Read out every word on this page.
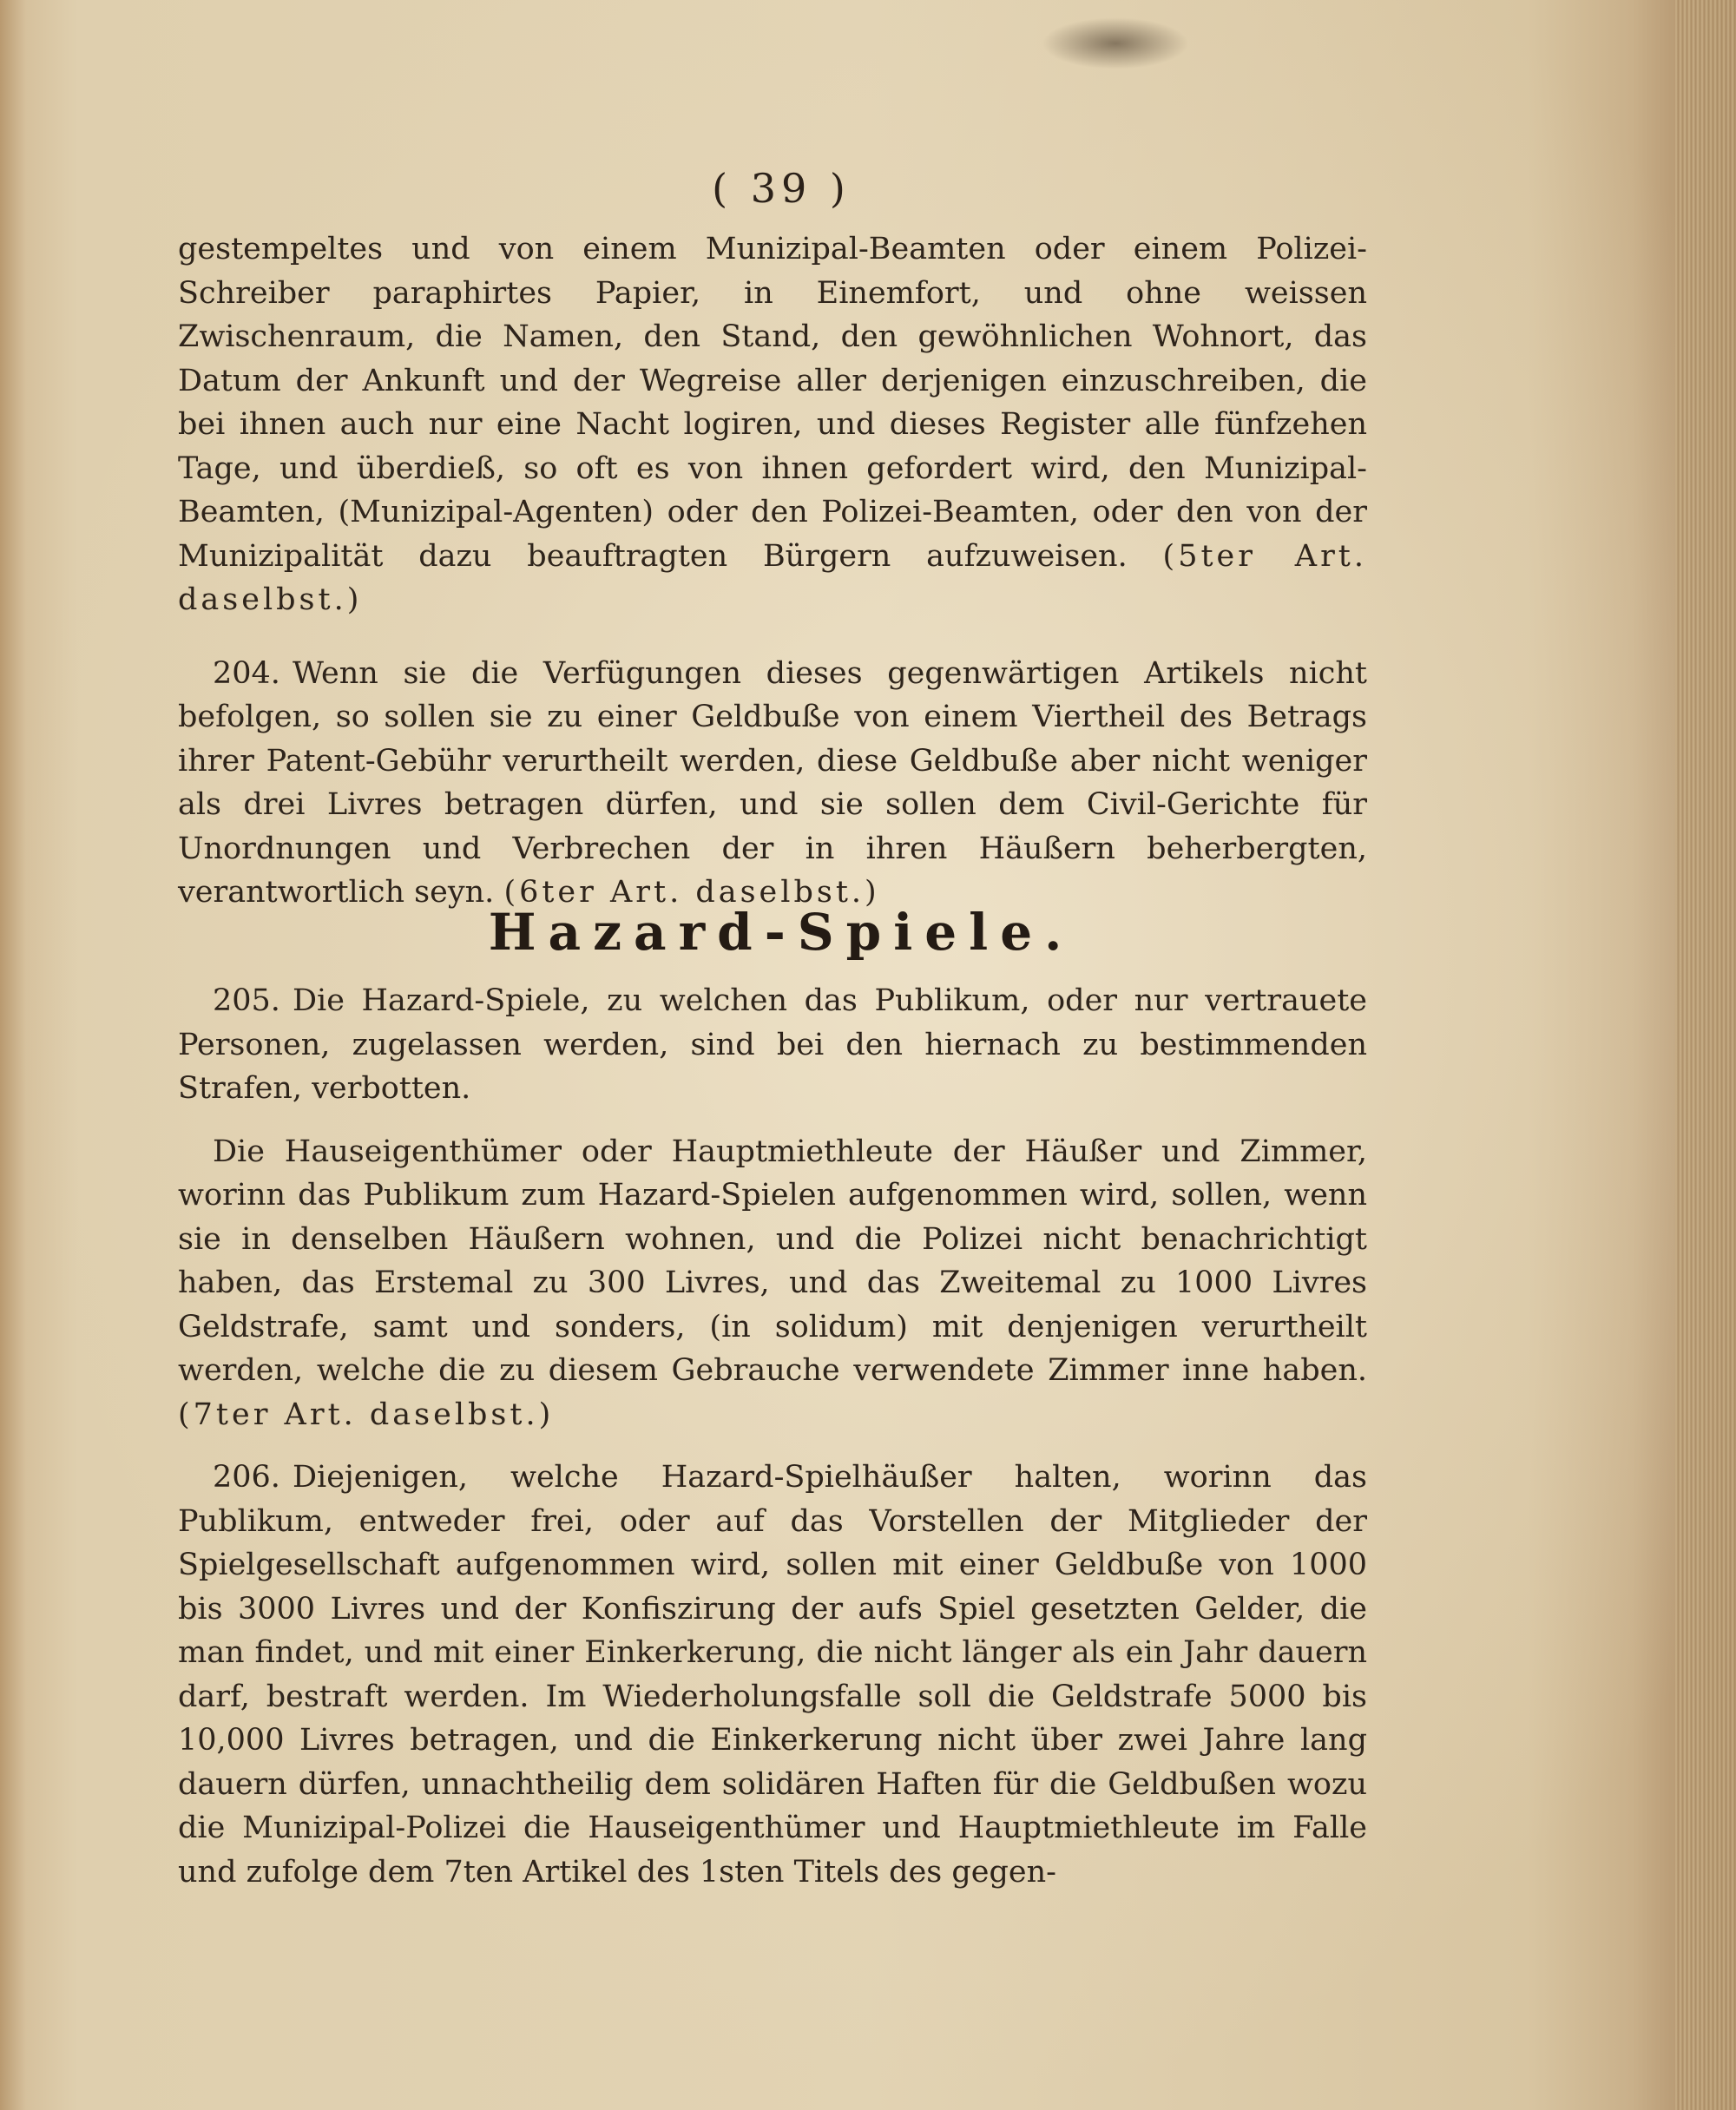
( 39 )

gestempeltes und von einem Munizipal-Beamten oder einem Polizei-Schreiber paraphirtes Papier, in Einemfort, und ohne weissen Zwischenraum, die Namen, den Stand, den gewöhnlichen Wohnort, das Datum der Ankunft und der Wegreise aller derjenigen einzuschreiben, die bei ihnen auch nur eine Nacht logiren, und dieses Register alle fünfzehen Tage, und überdieß, so oft es von ihnen gefordert wird, den Munizipal-Beamten, (Munizipal-Agenten) oder den Polizei-Beamten, oder den von der Munizipalität dazu beauftragten Bürgern aufzuweisen. (5ter Art. daselbst.)

204. Wenn sie die Verfügungen dieses gegenwärtigen Artikels nicht befolgen, so sollen sie zu einer Geldbuße von einem Viertheil des Betrags ihrer Patent-Gebühr verurtheilt werden, diese Geldbuße aber nicht weniger als drei Livres betragen dürfen, und sie sollen dem Civil-Gerichte für Unordnungen und Verbrechen der in ihren Häußern beherbergten, verantwortlich seyn. (6ter Art. daselbst.)

Hazard-Spiele.

205. Die Hazard-Spiele, zu welchen das Publikum, oder nur vertrauete Personen, zugelassen werden, sind bei den hiernach zu bestimmenden Strafen, verbotten.

Die Hauseigenthümer oder Hauptmiethleute der Häußer und Zimmer, worinn das Publikum zum Hazard-Spielen aufgenommen wird, sollen, wenn sie in denselben Häußern wohnen, und die Polizei nicht benachrichtigt haben, das Erstemal zu 300 Livres, und das Zweitemal zu 1000 Livres Geldstrafe, samt und sonders, (in solidum) mit denjenigen verurtheilt werden, welche die zu diesem Gebrauche verwendete Zimmer inne haben. (7ter Art. daselbst.)

206. Diejenigen, welche Hazard-Spielhäußer halten, worinn das Publikum, entweder frei, oder auf das Vorstellen der Mitglieder der Spielgesellschaft aufgenommen wird, sollen mit einer Geldbuße von 1000 bis 3000 Livres und der Konfiszirung der aufs Spiel gesetzten Gelder, die man findet, und mit einer Einkerkerung, die nicht länger als ein Jahr dauern darf, bestraft werden. Im Wiederholungsfalle soll die Geldstrafe 5000 bis 10,000 Livres betragen, und die Einkerkerung nicht über zwei Jahre lang dauern dürfen, unnachtheilig dem solidären Haften für die Geldbußen wozu die Munizipal-Polizei die Hauseigenthümer und Hauptmiethleute im Falle und zufolge dem 7ten Artikel des 1sten Titels des gegen-
